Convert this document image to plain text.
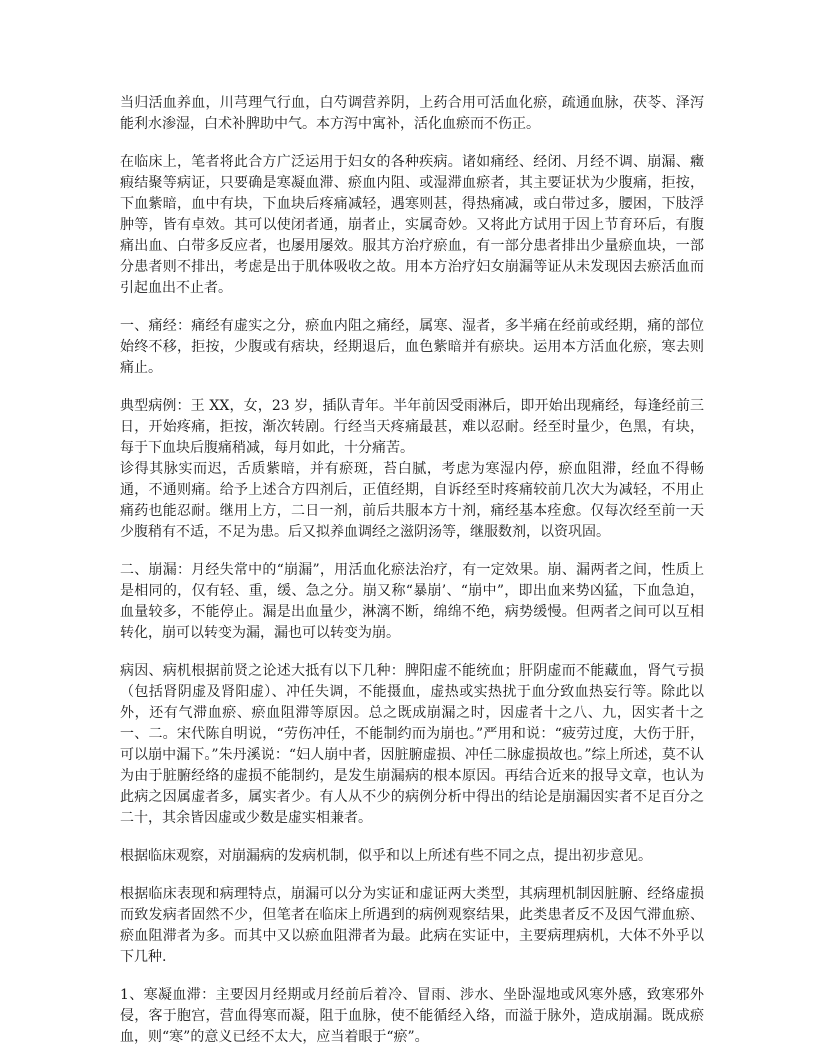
当归活血养血，川芎理气行血，白芍调营养阴，上药合用可活血化瘀，疏通血脉，茯苓、泽泻能利水渗湿，白术补脾助中气。本方泻中寓补，活化血瘀而不伤正。

在临床上，笔者将此合方广泛运用于妇女的各种疾病。诸如痛经、经闭、月经不调、崩漏、癥瘕结聚等病证，只要确是寒凝血滞、瘀血内阻、或湿滞血瘀者，其主要证状为少腹痛，拒按，下血紫暗，血中有块，下血块后疼痛减轻，遇寒则甚，得热痛减，或白带过多，腰困，下肢浮肿等，皆有卓效。其可以使闭者通，崩者止，实属奇妙。又将此方试用于因上节育环后，有腹痛出血、白带多反应者，也屡用屡效。服其方治疗瘀血，有一部分患者排出少量瘀血块，一部分患者则不排出，考虑是出于肌体吸收之故。用本方治疗妇女崩漏等证从未发现因去瘀活血而引起血出不止者。

一、痛经：痛经有虚实之分，瘀血内阻之痛经，属寒、湿者，多半痛在经前或经期，痛的部位始终不移，拒按，少腹或有痞块，经期退后，血色紫暗并有瘀块。运用本方活血化瘀，寒去则痛止。

典型病例：王 XX，女，23 岁，插队青年。半年前因受雨淋后，即开始出现痛经，每逢经前三日，开始疼痛，拒按，渐次转剧。行经当天疼痛最甚，难以忍耐。经至时量少，色黑，有块，每于下血块后腹痛稍减，每月如此，十分痛苦。

诊得其脉实而迟，舌质紫暗，并有瘀斑，苔白腻，考虑为寒湿内停，瘀血阻滞，经血不得畅通，不通则痛。给予上述合方四剂后，正值经期，自诉经至时疼痛较前几次大为减轻，不用止痛药也能忍耐。继用上方，二日一剂，前后共服本方十剂，痛经基本痊愈。仅每次经至前一天少腹稍有不适，不足为患。后又拟养血调经之滋阴汤等，继服数剂，以资巩固。

二、崩漏：月经失常中的“崩漏”，用活血化瘀法治疗，有一定效果。崩、漏两者之间，性质上是相同的，仅有轻、重，缓、急之分。崩又称“暴崩’、“崩中”，即出血来势凶猛，下血急迫，血量较多，不能停止。漏是出血量少，淋漓不断，绵绵不绝，病势缓慢。但两者之间可以互相转化，崩可以转变为漏，漏也可以转变为崩。

病因、病机根据前贤之论述大抵有以下几种：脾阳虚不能统血；肝阴虚而不能藏血，肾气亏损（包括肾阴虚及肾阳虚）、冲任失调，不能摄血，虚热或实热扰于血分致血热妄行等。除此以外，还有气滞血瘀、瘀血阻滞等原因。总之既成崩漏之时，因虚者十之八、九，因实者十之一、二。宋代陈自明说，“劳伤冲任，不能制约而为崩也。”严用和说：“疲劳过度，大伤于肝，可以崩中漏下。”朱丹溪说：“妇人崩中者，因脏腑虚损、冲任二脉虚损故也。”综上所述，莫不认为由于脏腑经络的虚损不能制约，是发生崩漏病的根本原因。再结合近来的报导文章，也认为此病之因属虚者多，属实者少。有人从不少的病例分析中得出的结论是崩漏因实者不足百分之二十，其余皆因虚或少数是虚实相兼者。

根据临床观察，对崩漏病的发病机制，似乎和以上所述有些不同之点，提出初步意见。

根据临床表现和病理特点，崩漏可以分为实证和虚证两大类型，其病理机制因脏腑、经络虚损而致发病者固然不少，但笔者在临床上所遇到的病例观察结果，此类患者反不及因气滞血瘀、瘀血阻滞者为多。而其中又以瘀血阻滞者为最。此病在实证中，主要病理病机，大体不外乎以下几种.

1、寒凝血滞：主要因月经期或月经前后着冷、冒雨、涉水、坐卧湿地或风寒外感，致寒邪外侵，客于胞宫，营血得寒而凝，阻于血脉，使不能循经入络，而溢于脉外，造成崩漏。既成瘀血，则“寒”的意义已经不太大，应当着眼于“瘀”。
